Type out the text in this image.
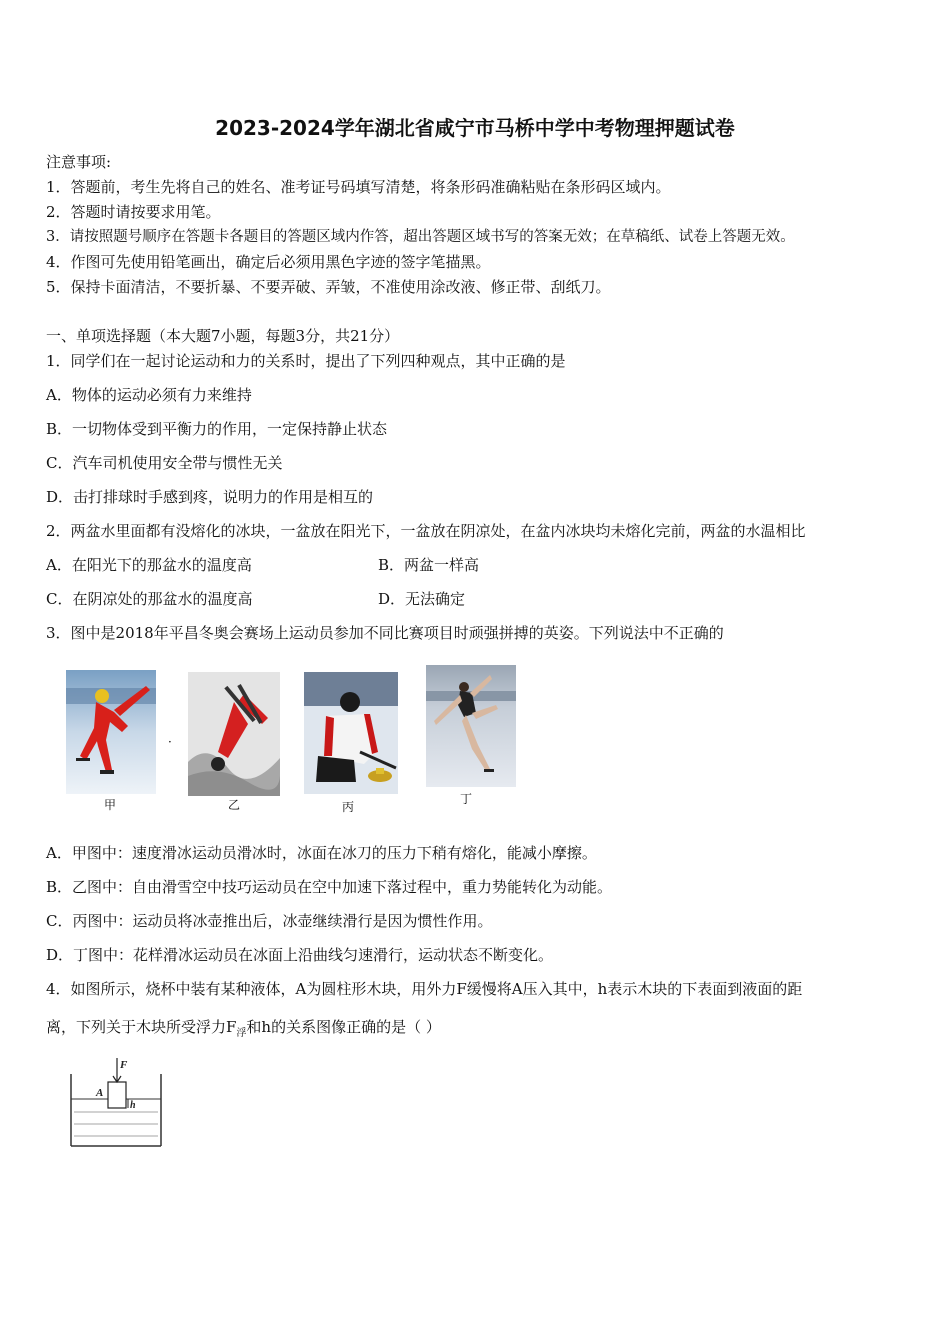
2023-2024学年湖北省咸宁市马桥中学中考物理押题试卷
注意事项:
1．答题前，考生先将自己的姓名、准考证号码填写清楚，将条形码准确粘贴在条形码区域内。
2．答题时请按要求用笔。
3．请按照题号顺序在答题卡各题目的答题区域内作答，超出答题区域书写的答案无效；在草稿纸、试卷上答题无效。
4．作图可先使用铅笔画出，确定后必须用黑色字迹的签字笔描黑。
5．保持卡面清洁，不要折暴、不要弄破、弄皱，不准使用涂改液、修正带、刮纸刀。
一、单项选择题（本大题7小题，每题3分，共21分）
1．同学们在一起讨论运动和力的关系时，提出了下列四种观点，其中正确的是
A．物体的运动必须有力来维持
B．一切物体受到平衡力的作用，一定保持静止状态
C．汽车司机使用安全带与惯性无关
D．击打排球时手感到疼，说明力的作用是相互的
2．两盆水里面都有没熔化的冰块，一盆放在阳光下，一盆放在阴凉处，在盆内冰块均未熔化完前，两盆的水温相比
A．在阳光下的那盆水的温度高	B．两盆一样高
C．在阴凉处的那盆水的温度高	D．无法确定
3．图中是2018年平昌冬奥会赛场上运动员参加不同比赛项目时顽强拼搏的英姿。下列说法中不正确的
甲
·
乙	丙
丁
A．甲图中：速度滑冰运动员滑冰时，冰面在冰刀的压力下稍有熔化，能减小摩擦。
B．乙图中：自由滑雪空中技巧运动员在空中加速下落过程中，重力势能转化为动能。
C．丙图中：运动员将冰壶推出后，冰壶继续滑行是因为惯性作用。
D．丁图中：花样滑冰运动员在冰面上沿曲线匀速滑行，运动状态不断变化。
4．如图所示，烧杯中装有某种液体，A为圆柱形木块，用外力F缓慢将A压入其中，h表示木块的下表面到液面的距
离，下列关于木块所受浮力$F_浮$和h的关系图像正确的是（ ）
F
A
h
